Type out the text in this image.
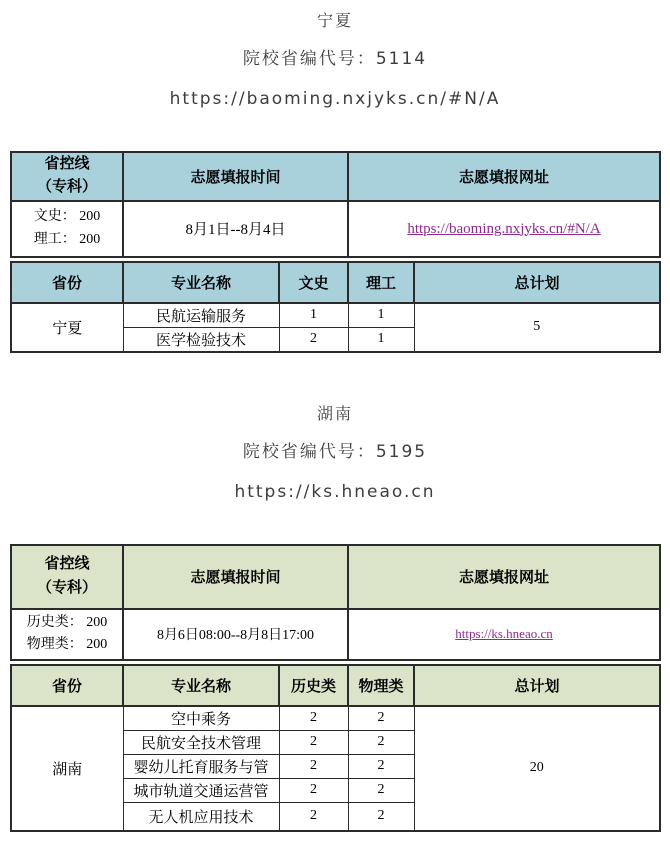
宁夏
院校省编代号：5114
https://baoming.nxjyks.cn/#N/A
省控线
（专科）	志愿填报时间	志愿填报网址

文史： 200
理工： 200	8月1日--8月4日	https://baoming.nxjyks.cn/#N/A
省份	专业名称	文史	理工	总计划
宁夏	民航运输服务	1	1	5
	医学检验技术	2	1	
湖南
院校省编代号：5195
https://ks.hneao.cn
省控线
（专科）	志愿填报时间	志愿填报网址

历史类： 200
物理类： 200	8月6日08:00--8月8日17:00	https://ks.hneao.cn
省份	专业名称	历史类	物理类	总计划
湖南	空中乘务	2	2	20
	民航安全技术管理	2	2	
	婴幼儿托育服务与管	2	2	
	城市轨道交通运营管	2	2	
	无人机应用技术	2	2	
